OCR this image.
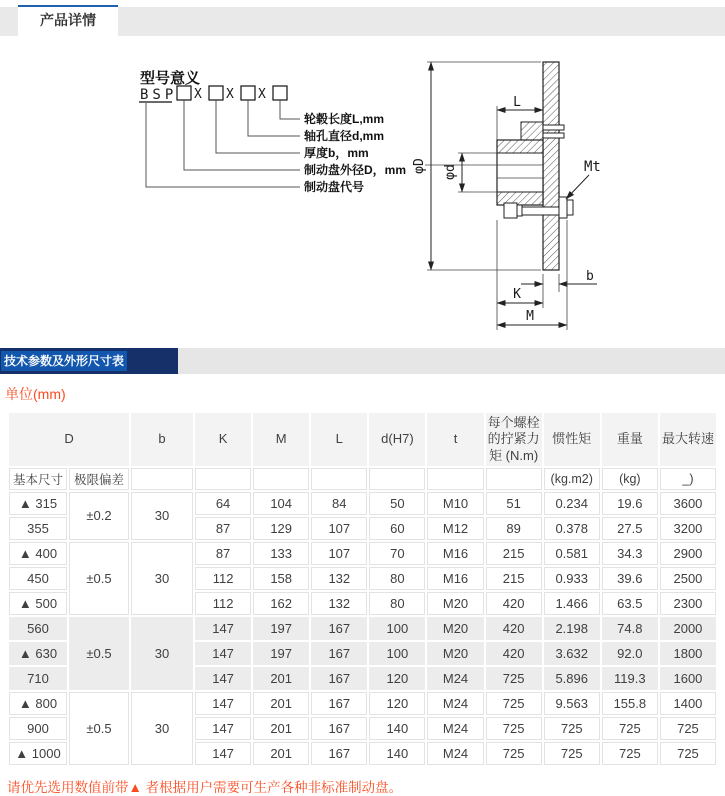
产品详情
型号意义
BSP X X X
轮毂长度L,mm
轴孔直径d,mm
厚度b，mm
制动盘外径D，mm
制动盘代号
φD φd
L
Mt
b
K
M
技术参数及外形尺寸表
单位(mm)
D		b	K	M	L	d(H7)	t	每个螺栓 的拧紧力矩 (N.m)	惯性矩	重量	最大转速
基本尺寸	极限偏差								(kg.m2)	(kg)	_)
▲ 315	±0.2	30	64	104	84	50	M10	51	0.234	19.6	3600
355			87	129	107	60	M12	89	0.378	27.5	3200
▲ 400	±0.5	30	87	133	107	70	M16	215	0.581	34.3	2900
450			112	158	132	80	M16	215	0.933	39.6	2500
▲ 500			112	162	132	80	M20	420	1.466	63.5	2300
560	±0.5	30	147	197	167	100	M20	420	2.198	74.8	2000
▲ 630			147	197	167	100	M20	420	3.632	92.0	1800
710			147	201	167	120	M24	725	5.896	119.3	1600
▲ 800	±0.5	30	147	201	167	120	M24	725	9.563	155.8	1400
900			147	201	167	140	M24	725	725	725	725
▲ 1000			147	201	167	140	M24	725	725	725	725
请优先选用数值前带▲ 者根据用户需要可生产各种非标准制动盘。
